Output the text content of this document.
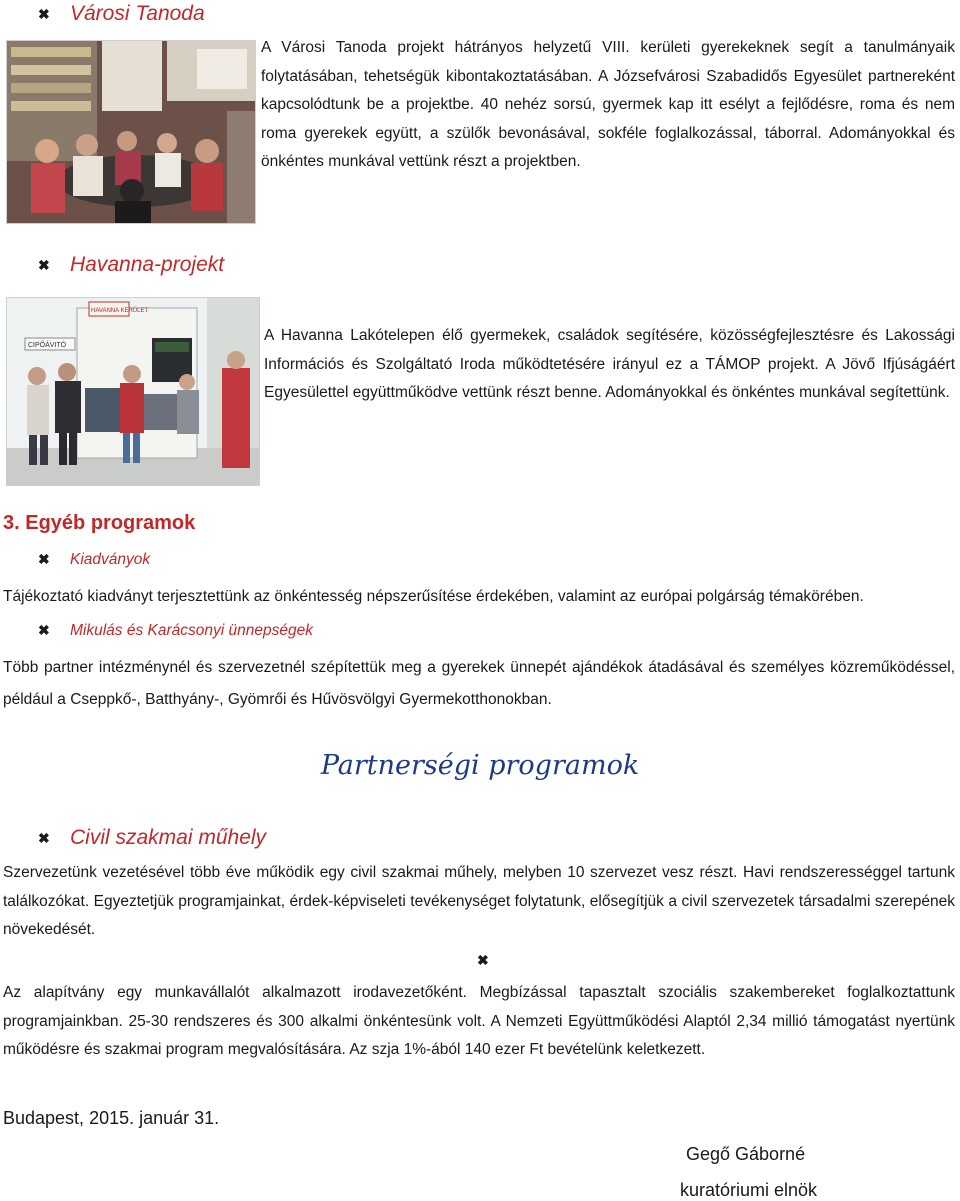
✖ Városi Tanoda
A Városi Tanoda projekt hátrányos helyzetű VIII. kerületi gyerekeknek segít a tanulmányaik folytatásában, tehetségük kibontakoztatásában. A Józsefvárosi Szabadidős Egyesület partnereként kapcsolódtunk be a projektbe. 40 nehéz sorsú, gyermek kap itt esélyt a fejlődésre, roma és nem roma gyerekek együtt, a szülők bevonásával, sokféle foglalkozással, táborral. Adományokkal és önkéntes munkával vettünk részt a projektben.
✖ Havanna-projekt
HAVANNA KERÜLET
CIPŐÁVITÓ
A Havanna Lakótelepen élő gyermekek, családok segítésére, közösségfejlesztésre és Lakossági Információs és Szolgáltató Iroda működtetésére irányul ez a TÁMOP projekt. A Jövő Ifjúságáért Egyesülettel együttműködve vettünk részt benne. Adományokkal és önkéntes munkával segítettünk.
3. Egyéb programok
✖ Kiadványok
Tájékoztató kiadványt terjesztettünk az önkéntesség népszerűsítése érdekében, valamint az európai polgárság témakörében.
✖ Mikulás és Karácsonyi ünnepségek
Több partner intézménynél és szervezetnél szépítettük meg a gyerekek ünnepét ajándékok átadásával és személyes közreműködéssel, például a Cseppkő-, Batthyány-, Gyömrői és Hűvösvölgyi Gyermekotthonokban.
Partnerségi programok
✖ Civil szakmai műhely
Szervezetünk vezetésével több éve működik egy civil szakmai műhely, melyben 10 szervezet vesz részt. Havi rendszerességgel tartunk találkozókat. Egyeztetjük programjainkat, érdek-képviseleti tevékenységet folytatunk, elősegítjük a civil szervezetek társadalmi szerepének növekedését.
✖
Az alapítvány egy munkavállalót alkalmazott irodavezetőként. Megbízással tapasztalt szociális szakembereket foglalkoztattunk programjainkban. 25-30 rendszeres és 300 alkalmi önkéntesünk volt. A Nemzeti Együttműködési Alaptól 2,34 millió támogatást nyertünk működésre és szakmai program megvalósítására. Az szja 1%-ából 140 ezer Ft bevételünk keletkezett.
Budapest, 2015. január 31.
Gegő Gáborné
kuratóriumi elnök
